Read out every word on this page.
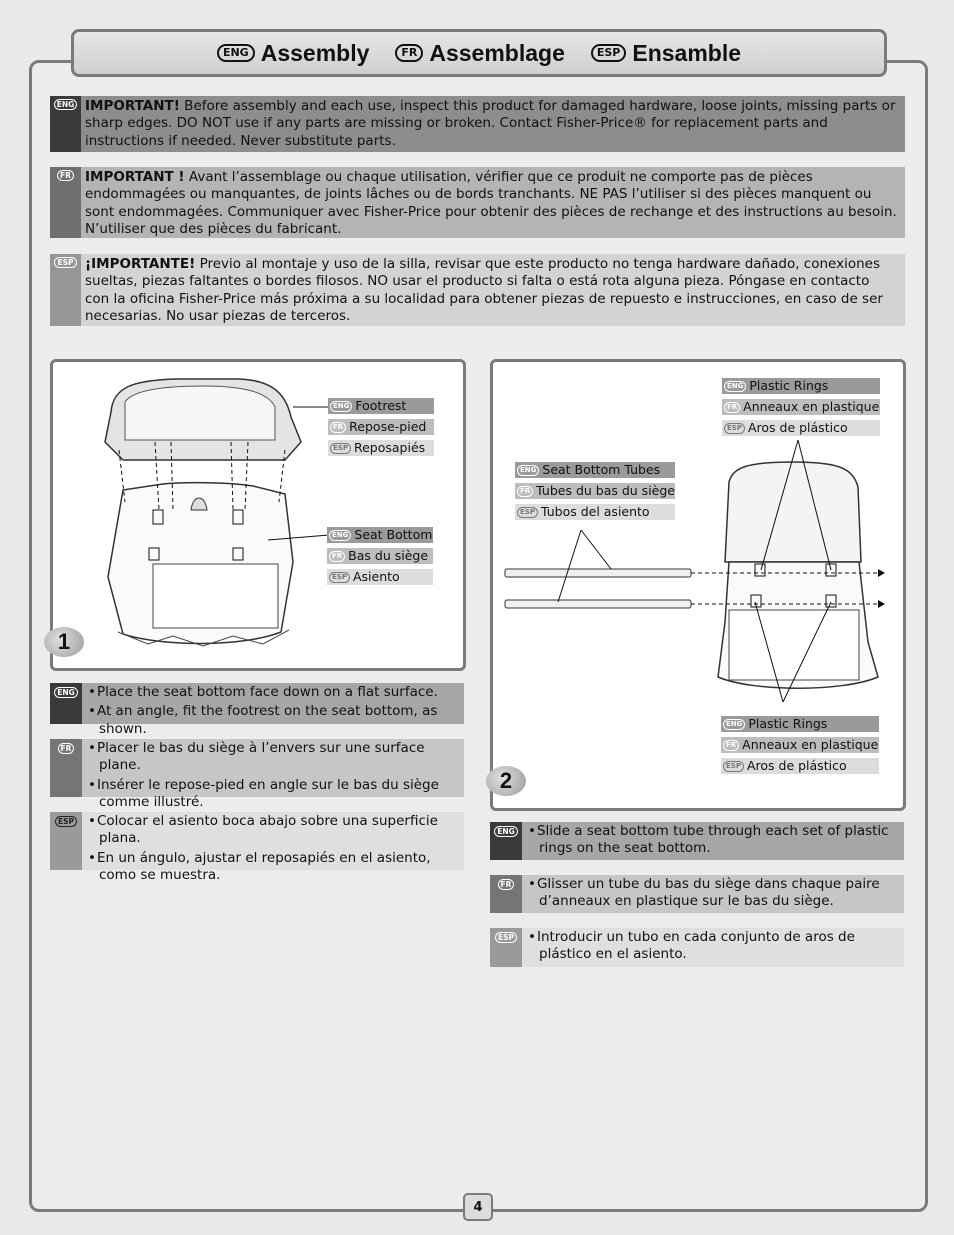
ENG Assembly	FR Assemblage	ESP Ensamble
ENG IMPORTANT! Before assembly and each use, inspect this product for damaged hardware, loose joints, missing parts or sharp edges. DO NOT use if any parts are missing or broken. Contact Fisher-Price® for replacement parts and instructions if needed. Never substitute parts.
FR IMPORTANT ! Avant l’assemblage ou chaque utilisation, vérifier que ce produit ne comporte pas de pièces endommagées ou manquantes, de joints lâches ou de bords tranchants. NE PAS l’utiliser si des pièces manquent ou sont endommagées. Communiquer avec Fisher-Price pour obtenir des pièces de rechange et des instructions au besoin. N’utiliser que des pièces du fabricant.
ESP ¡IMPORTANTE! Previo al montaje y uso de la silla, revisar que este producto no tenga hardware dañado, conexiones sueltas, piezas faltantes o bordes filosos. NO usar el producto si falta o está rota alguna pieza. Póngase en contacto con la oficina Fisher-Price más próxima a su localidad para obtener piezas de repuesto e instrucciones, en caso de ser necesarias. No usar piezas de terceros.
ENG Footrest
FR Repose-pied
ESP Reposapiés
ENG Seat Bottom
FR Bas du siège
ESP Asiento
1
ENG	• Place the seat bottom face down on a flat surface.
• At an angle, fit the footrest on the seat bottom, as shown.
FR	• Placer le bas du siège à l’envers sur une surface plane.
• Insérer le repose-pied en angle sur le bas du siège comme illustré.
ESP	• Colocar el asiento boca abajo sobre una superficie plana.
• En un ángulo, ajustar el reposapiés en el asiento, como se muestra.
ENG Plastic Rings
FR Anneaux en plastique
ESP Aros de plástico
ENG Seat Bottom Tubes
FR Tubes du bas du siège
ESP Tubos del asiento
ENG Plastic Rings
FR Anneaux en plastique
ESP Aros de plástico
2
ENG	• Slide a seat bottom tube through each set of plastic rings on the seat bottom.
FR	• Glisser un tube du bas du siège dans chaque paire d’anneaux en plastique sur le bas du siège.
ESP	• Introducir un tubo en cada conjunto de aros de plástico en el asiento.
4
